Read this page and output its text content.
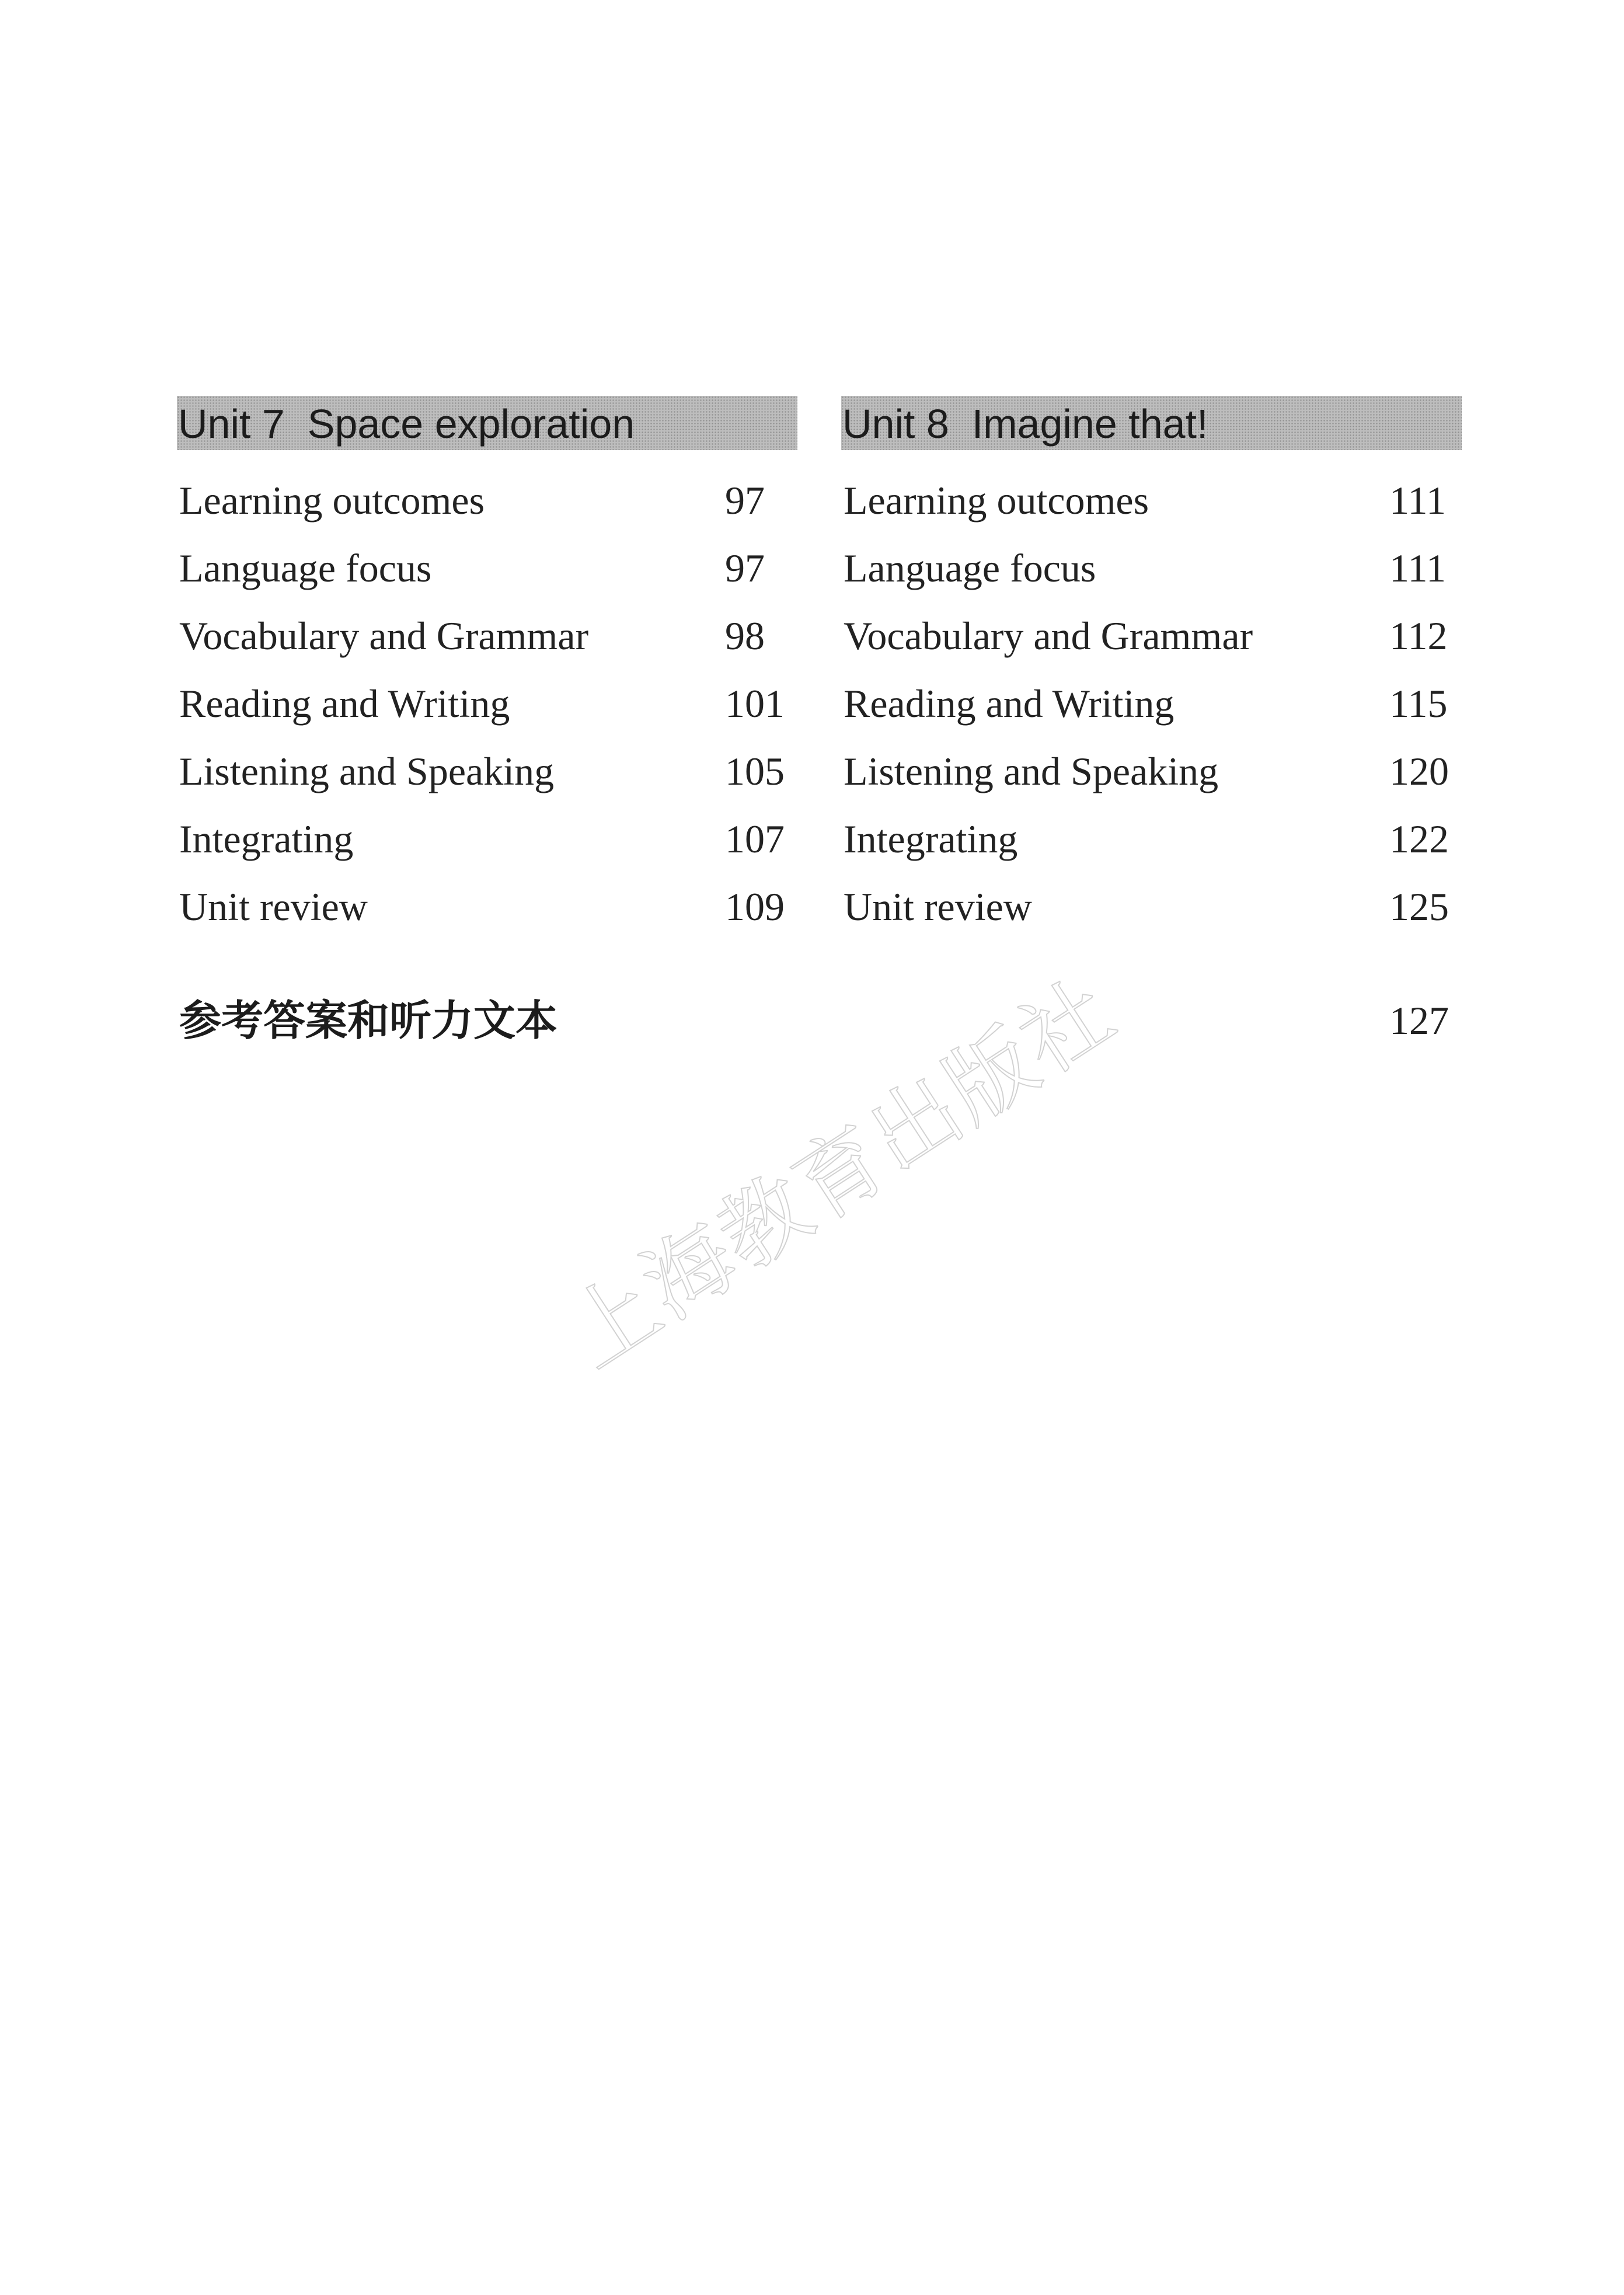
Unit 7  Space exploration
Learning outcomes	97
Language focus	97
Vocabulary and Grammar	98
Reading and Writing	101
Listening and Speaking	105
Integrating	107
Unit review	109
Unit 8  Imagine that!
Learning outcomes	111
Language focus	111
Vocabulary and Grammar	112
Reading and Writing	115
Listening and Speaking	120
Integrating	122
Unit review	125
参考答案和听力文本	127
上海教育出版社
